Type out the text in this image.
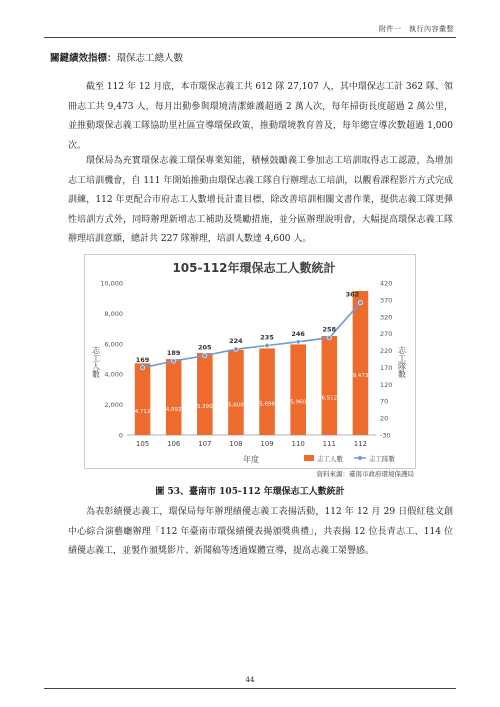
附件一　執行內容彙整
關鍵績效指標：環保志工總人數

截至 112 年 12 月底，本市環保志義工共 612 隊 27,107 人，其中環保志工計 362 隊、領冊志工共 9,473 人，每月出動參與環境清潔維護超過 2 萬人次，每年掃街長度超過 2 萬公里，並推動環保志義工隊協助里社區宣導環保政策，推動環境教育普及，每年總宣導次數超過 1,000 次。

環保局為充實環保志義工環保專業知能，積極鼓勵義工參加志工培訓取得志工認證，為增加志工培訓機會，自 111 年開始推動由環保志義工隊自行辦理志工培訓，以觀看課程影片方式完成訓練，112 年更配合市府志工人數增長計畫目標，除改善培訓相關文書作業，提供志義工隊更彈性培訓方式外，同時辦理新增志工補助及獎勵措施，並分區辦理說明會，大幅提高環保志義工隊辦理培訓意願，總計共 227 隊辦理，培訓人數達 4,600 人。

105-112年環保志工人數統計
0
2,000
4,000
6,000
8,000
10,000
-30
20
70
120
170
220
270
320
370
420
4,712	4,992
5,390	5,600	5,696	5,960
6,512
9,473
169
189
205
224	235	246
258
362
105	106	107	108	109	110	111	112
志工人數	志工隊數
年度	志工人數	志工隊數
資料來源：臺南市政府環境保護局
圖 53、臺南市 105-112 年環保志工人數統計

為表彰績優志義工，環保局每年辦理績優志義工表揚活動，112 年 12 月 29 日假紅毯文創中心綜合演藝廳辦理「112 年臺南市環保績優表揚頒獎典禮」，共表揚 12 位長青志工、114 位績優志義工，並製作頒獎影片、新聞稿等透過媒體宣導，提高志義工榮譽感。

44
